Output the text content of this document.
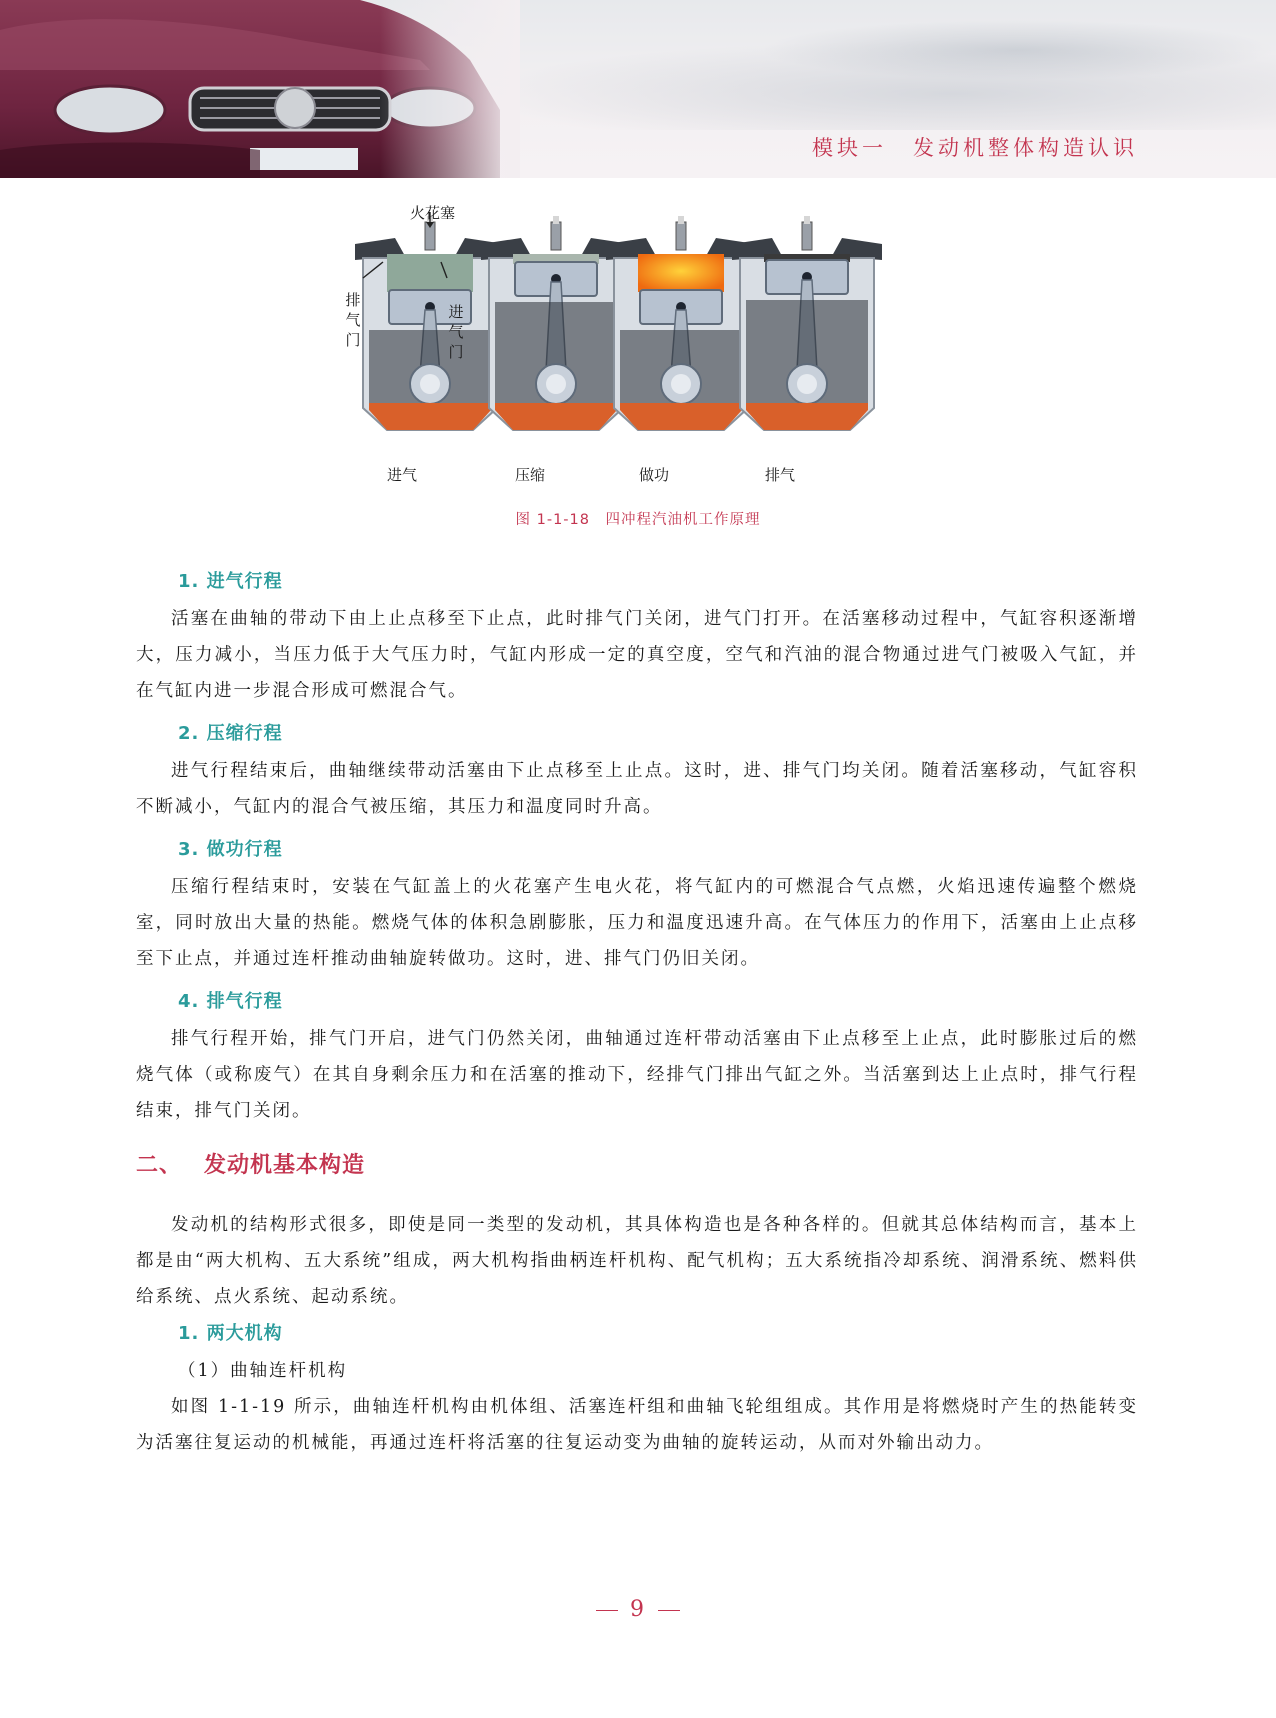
模块一 发动机整体构造认识
火花塞
排
气
门
进
气
门
进气	压缩	做功	排气
图 1-1-18　四冲程汽油机工作原理
1. 进气行程

活塞在曲轴的带动下由上止点移至下止点，此时排气门关闭，进气门打开。在活塞移动过程中，气缸容积逐渐增大，压力减小，当压力低于大气压力时，气缸内形成一定的真空度，空气和汽油的混合物通过进气门被吸入气缸，并在气缸内进一步混合形成可燃混合气。

2. 压缩行程

进气行程结束后，曲轴继续带动活塞由下止点移至上止点。这时，进、排气门均关闭。随着活塞移动，气缸容积不断减小，气缸内的混合气被压缩，其压力和温度同时升高。

3. 做功行程

压缩行程结束时，安装在气缸盖上的火花塞产生电火花，将气缸内的可燃混合气点燃，火焰迅速传遍整个燃烧室，同时放出大量的热能。燃烧气体的体积急剧膨胀，压力和温度迅速升高。在气体压力的作用下，活塞由上止点移至下止点，并通过连杆推动曲轴旋转做功。这时，进、排气门仍旧关闭。

4. 排气行程

排气行程开始，排气门开启，进气门仍然关闭，曲轴通过连杆带动活塞由下止点移至上止点，此时膨胀过后的燃烧气体（或称废气）在其自身剩余压力和在活塞的推动下，经排气门排出气缸之外。当活塞到达上止点时，排气行程结束，排气门关闭。

二、 发动机基本构造

发动机的结构形式很多，即使是同一类型的发动机，其具体构造也是各种各样的。但就其总体结构而言，基本上都是由“两大机构、五大系统”组成，两大机构指曲柄连杆机构、配气机构；五大系统指冷却系统、润滑系统、燃料供给系统、点火系统、起动系统。

1. 两大机构
（1）曲轴连杆机构

如图 1-1-19 所示，曲轴连杆机构由机体组、活塞连杆组和曲轴飞轮组组成。其作用是将燃烧时产生的热能转变为活塞往复运动的机械能，再通过连杆将活塞的往复运动变为曲轴的旋转运动，从而对外输出动力。

9
